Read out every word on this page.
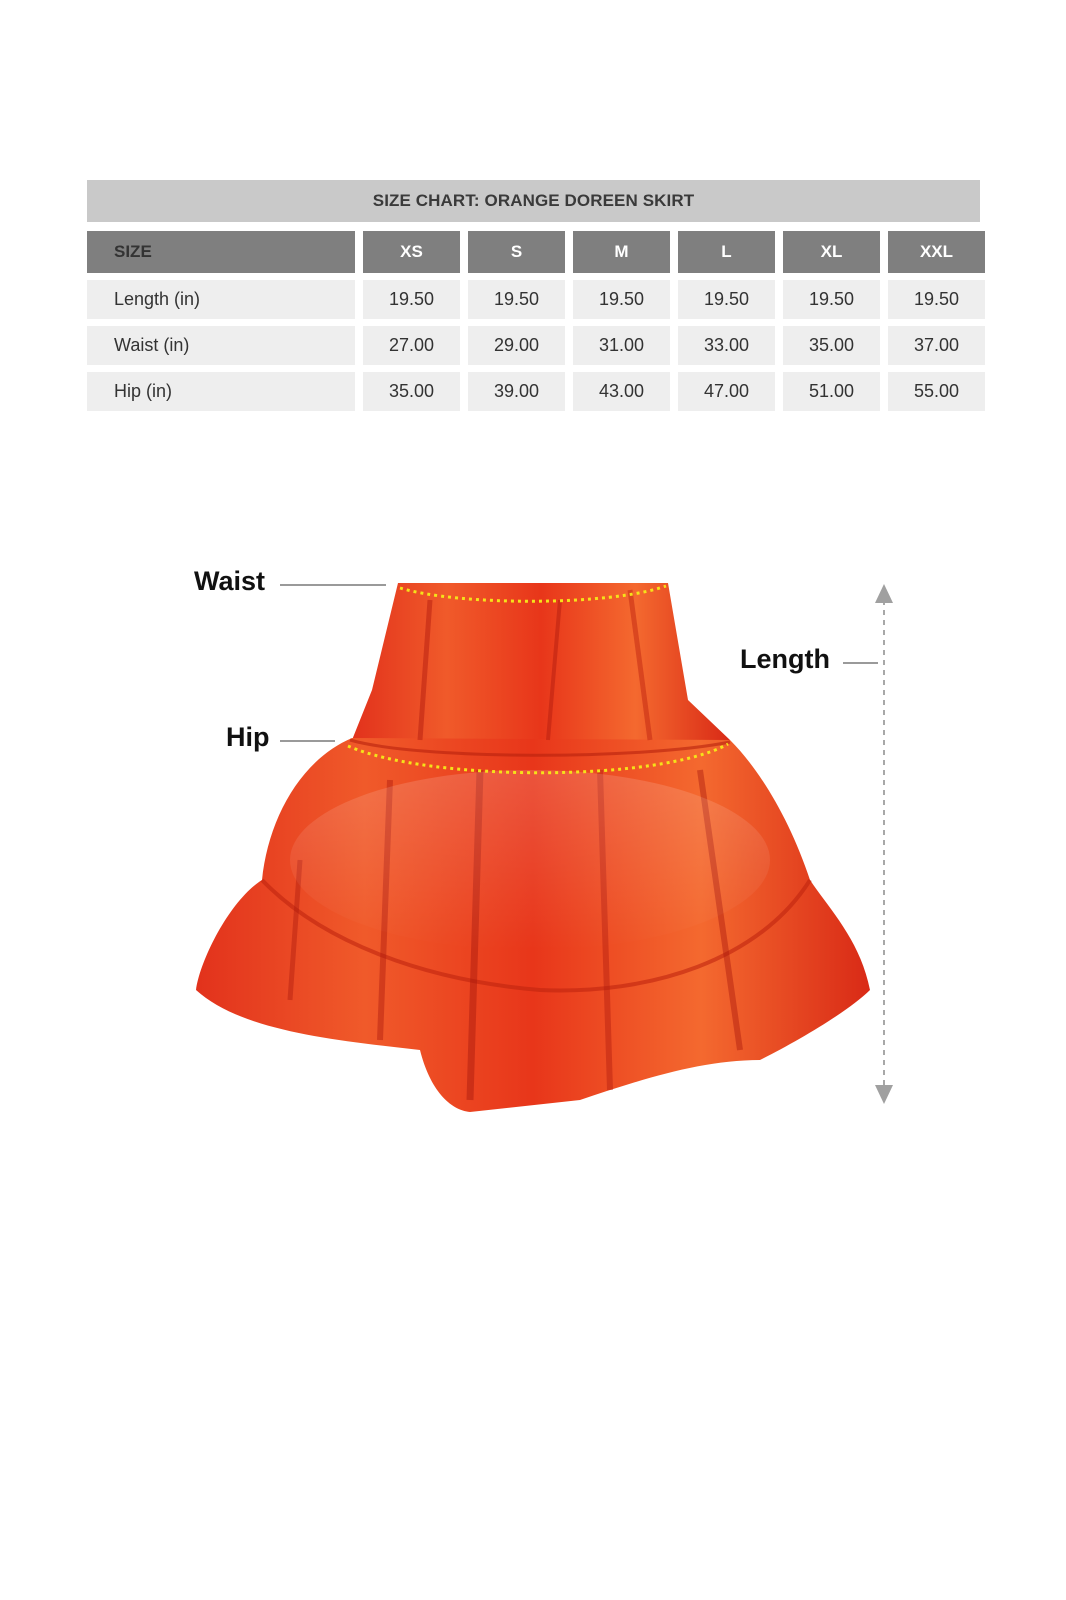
SIZE CHART: ORANGE DOREEN SKIRT
SIZE	XS	S	M	L	XL	XXL
Length (in)	19.50	19.50	19.50	19.50	19.50	19.50
Waist (in)	27.00	29.00	31.00	33.00	35.00	37.00
Hip (in)	35.00	39.00	43.00	47.00	51.00	55.00
Waist
Hip
Length
